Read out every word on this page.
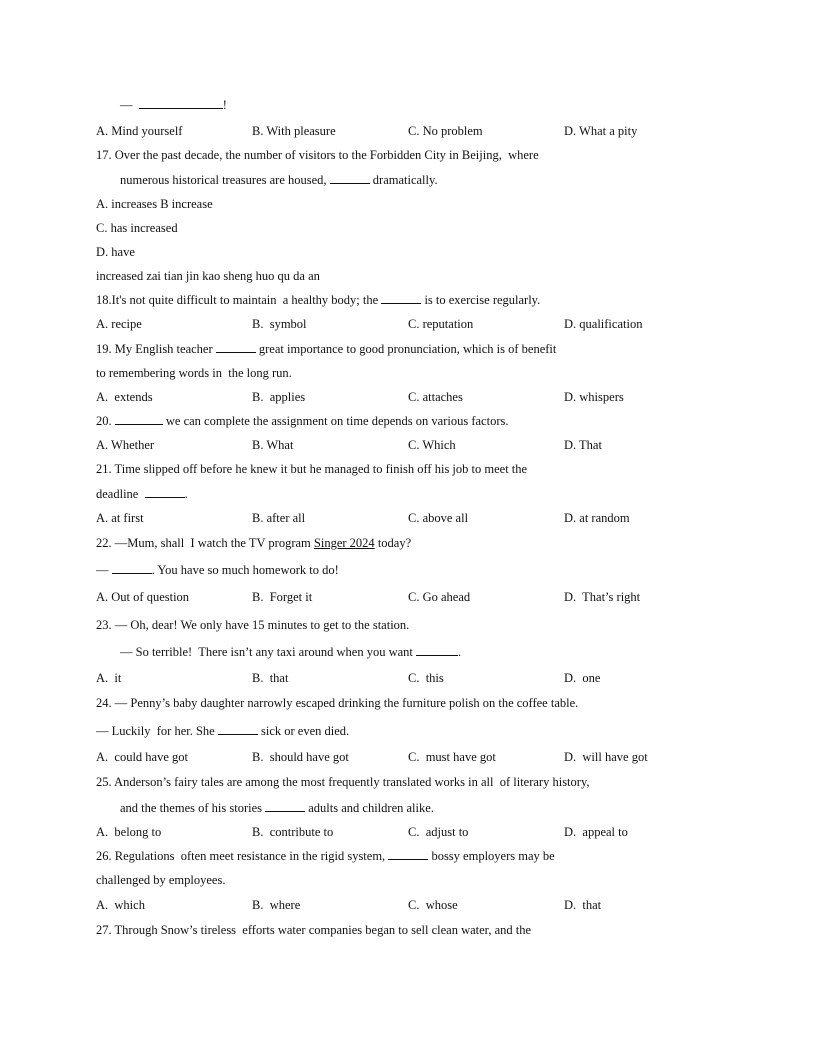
—	!
A. Mind yourself	B. With pleasure	C. No problem	D. What a pity
17. Over the past decade, the number of visitors to the Forbidden City in Beijing,  where
numerous historical treasures are housed,	dramatically.
A. increases B increase
C. has increased
D. have
increased zai tian jin kao sheng huo qu da an
18.It's not quite difficult to maintain  a healthy body; the	is to exercise regularly.
A. recipe	B.  symbol	C. reputation	D. qualification
19. My English teacher	great importance to good pronunciation, which is of benefit
to remembering words in  the long run.
A.  extends	B.  applies	C. attaches	D. whispers
20.	we can complete the assignment on time depends on various factors.
A. Whether	B. What	C. Which	D. That
21. Time slipped off before he knew it but he managed to finish off his job to meet the
deadline	.
A. at first	B. after all	C. above all	D. at random
22. —Mum, shall  I watch the TV program Singer 2024 today?
—	. You have so much homework to do!
A. Out of question	B.  Forget it	C. Go ahead	D.  That’s right
23. — Oh, dear! We only have 15 minutes to get to the station.
— So terrible!  There isn’t any taxi around when you want	.
A.  it	B.  that	C.  this	D.  one
24. — Penny’s baby daughter narrowly escaped drinking the furniture polish on the coffee table.
— Luckily  for her. She	sick or even died.
A.  could have got	B.  should have got	C.  must have got	D.  will have got
25. Anderson’s fairy tales are among the most frequently translated works in all  of literary history,
and the themes of his stories	adults and children alike.
A.  belong to	B.  contribute to	C.  adjust to	D.  appeal to
26. Regulations  often meet resistance in the rigid system,	bossy employers may be
challenged by employees.
A.  which	B.  where	C.  whose	D.  that
27. Through Snow’s tireless  efforts water companies began to sell clean water, and the
